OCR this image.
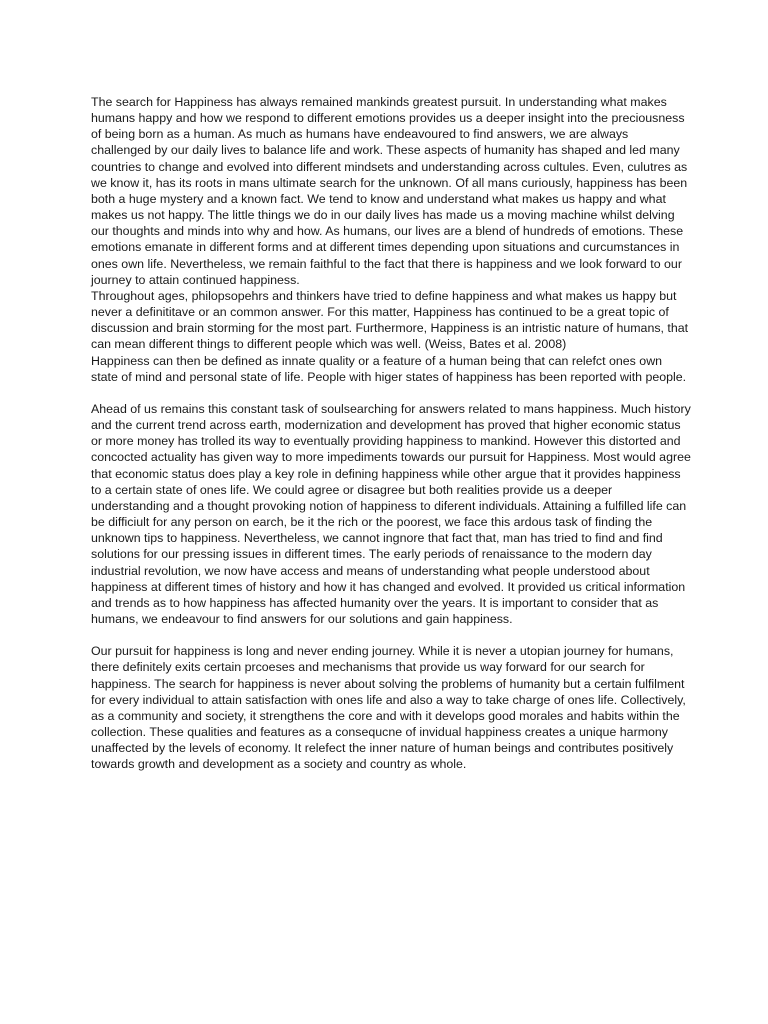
The search for Happiness has always remained mankinds greatest pursuit. In understanding what makes humans happy and how we respond to different emotions provides us a deeper insight into the preciousness of being born as a human. As much as humans have endeavoured to find answers, we are always challenged by our daily lives to balance life and work. These aspects of humanity has shaped and led many countries to change and evolved into different mindsets and understanding across cultules. Even, culutres as we know it, has its roots in mans ultimate search for the unknown. Of all mans curiously, happiness has been both a huge mystery and a known fact. We tend to know and understand what makes us happy and what makes us not happy. The little things we do in our daily lives has made us a moving machine whilst delving our thoughts and minds into why and how. As humans, our lives are a blend of hundreds of emotions. These emotions emanate in different forms and at different times depending upon situations and curcumstances in ones own life. Nevertheless, we remain faithful to the fact that there is happiness and we look forward to our journey to attain continued happiness.

Throughout ages, philopsopehrs and thinkers have tried to define happiness and what makes us happy but never a definititave or an common answer. For this matter, Happiness has continued to be a great topic of discussion and brain storming for the most part. Furthermore, Happiness is an intristic nature of humans, that can mean different things to different people which was well. (Weiss, Bates et al. 2008)

Happiness can then be defined as innate quality or a feature of a human being that can relefct ones own state of mind and personal state of life. People with higer states of happiness has been reported with people.

Ahead of us remains this constant task of soulsearching for answers related to mans happiness. Much history and the current trend across earth, modernization and development has proved that higher economic status or more money has trolled its way to eventually providing happiness to mankind. However this distorted and concocted actuality has given way to more impediments towards our pursuit for Happiness. Most would agree that economic status does play a key role in defining happiness while other argue that it provides happiness to a certain state of ones life. We could agree or disagree but both realities provide us a deeper understanding and a thought provoking notion of happiness to diferent individuals. Attaining a fulfilled life can be difficiult for any person on earch, be it the rich or the poorest, we face this ardous task of finding the unknown tips to happiness. Nevertheless, we cannot ingnore that fact that, man has tried to find and find solutions for our pressing issues in different times. The early periods of renaissance to the modern day industrial revolution, we now have access and means of understanding what people understood about happiness at different times of history and how it has changed and evolved. It provided us critical information and trends as to how happiness has affected humanity over the years. It is important to consider that as humans, we endeavour to find answers for our solutions and gain happiness.

Our pursuit for happiness is long and never ending journey. While it is never a utopian journey for humans, there definitely exits certain prcoeses and mechanisms that provide us way forward for our search for happiness. The search for happiness is never about solving the problems of humanity but a certain fulfilment for every individual to attain satisfaction with ones life and also a way to take charge of ones life. Collectively, as a community and society, it strengthens the core and with it develops good morales and habits within the collection. These qualities and features as a consequcne of invidual happiness creates a unique harmony unaffected by the levels of economy. It relefect the inner nature of human beings and contributes positively towards growth and development as a society and country as whole.
